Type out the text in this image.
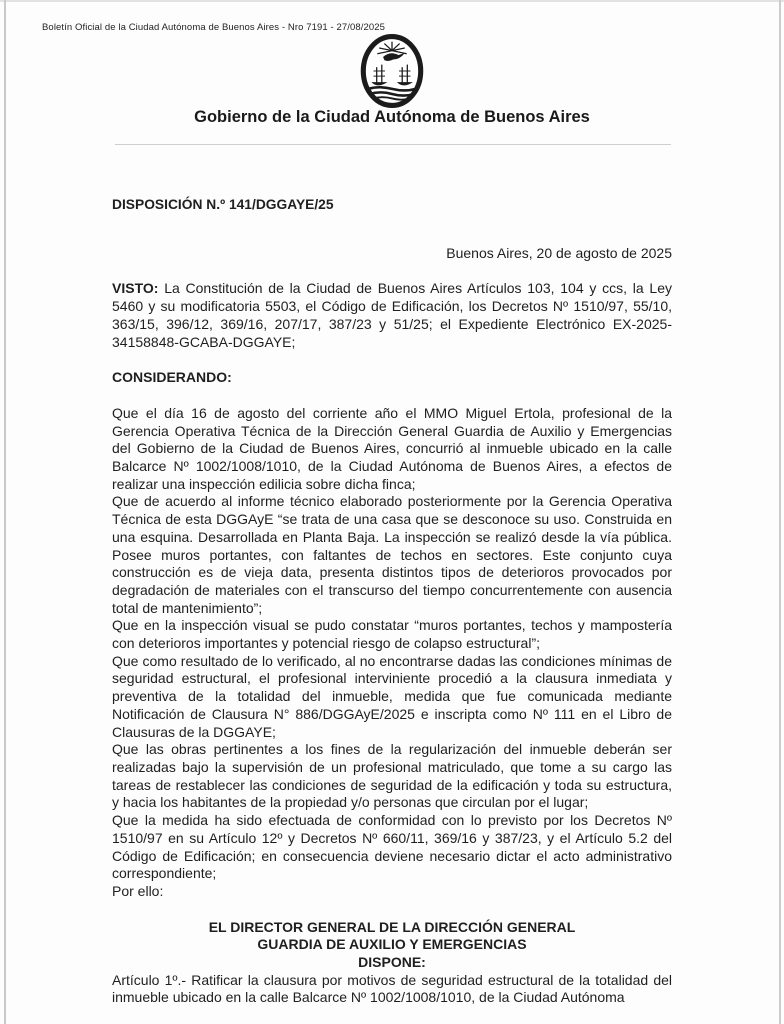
Boletín Oficial de la Ciudad Autónoma de Buenos Aires - Nro 7191 - 27/08/2025
Gobierno de la Ciudad Autónoma de Buenos Aires

DISPOSICIÓN N.º 141/DGGAYE/25

Buenos Aires, 20 de agosto de 2025

VISTO: La Constitución de la Ciudad de Buenos Aires Artículos 103, 104 y ccs, la Ley 5460 y su modificatoria 5503, el Código de Edificación, los Decretos Nº 1510/97, 55/10, 363/15, 396/12, 369/16, 207/17, 387/23 y 51/25; el Expediente Electrónico EX-2025-34158848-GCABA-DGGAYE;

CONSIDERANDO:

Que el día 16 de agosto del corriente año el MMO Miguel Ertola, profesional de la Gerencia Operativa Técnica de la Dirección General Guardia de Auxilio y Emergencias del Gobierno de la Ciudad de Buenos Aires, concurrió al inmueble ubicado en la calle Balcarce Nº 1002/1008/1010, de la Ciudad Autónoma de Buenos Aires, a efectos de realizar una inspección edilicia sobre dicha finca;

Que de acuerdo al informe técnico elaborado posteriormente por la Gerencia Operativa Técnica de esta DGGAyE “se trata de una casa que se desconoce su uso. Construida en una esquina. Desarrollada en Planta Baja. La inspección se realizó desde la vía pública. Posee muros portantes, con faltantes de techos en sectores. Este conjunto cuya construcción es de vieja data, presenta distintos tipos de deterioros provocados por degradación de materiales con el transcurso del tiempo concurrentemente con ausencia total de mantenimiento”;

Que en la inspección visual se pudo constatar “muros portantes, techos y mampostería con deterioros importantes y potencial riesgo de colapso estructural”;

Que como resultado de lo verificado, al no encontrarse dadas las condiciones mínimas de seguridad estructural, el profesional interviniente procedió a la clausura inmediata y preventiva de la totalidad del inmueble, medida que fue comunicada mediante Notificación de Clausura N° 886/DGGAyE/2025 e inscripta como Nº 111 en el Libro de Clausuras de la DGGAYE;

Que las obras pertinentes a los fines de la regularización del inmueble deberán ser realizadas bajo la supervisión de un profesional matriculado, que tome a su cargo las tareas de restablecer las condiciones de seguridad de la edificación y toda su estructura, y hacia los habitantes de la propiedad y/o personas que circulan por el lugar;

Que la medida ha sido efectuada de conformidad con lo previsto por los Decretos Nº 1510/97 en su Artículo 12º y Decretos Nº 660/11, 369/16 y 387/23, y el Artículo 5.2 del Código de Edificación; en consecuencia deviene necesario dictar el acto administrativo correspondiente;

Por ello:

EL DIRECTOR GENERAL DE LA DIRECCIÓN GENERAL

GUARDIA DE AUXILIO Y EMERGENCIAS

DISPONE:

Artículo 1º.- Ratificar la clausura por motivos de seguridad estructural de la totalidad del inmueble ubicado en la calle Balcarce Nº 1002/1008/1010, de la Ciudad Autónoma
